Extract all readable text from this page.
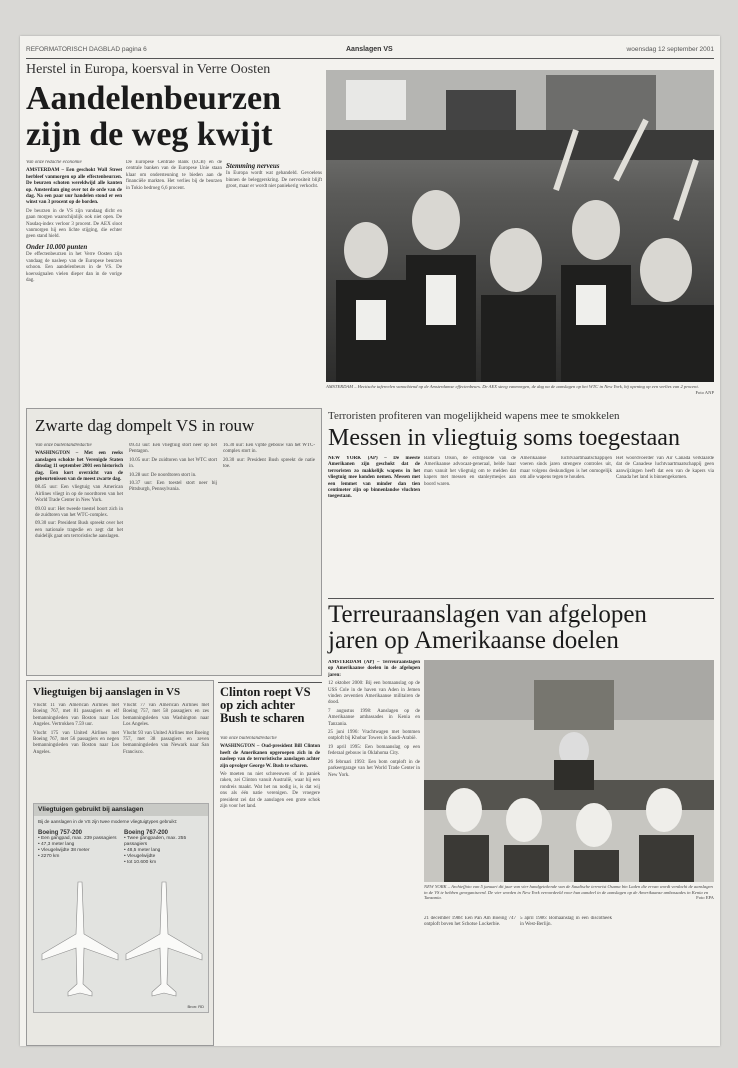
REFORMATORISCH DAGBLAD pagina 6	Aanslagen VS	woensdag 12 september 2001
Herstel in Europa, koersval in Verre Oosten
Aandelenbeurzen
zijn de weg kwijt

Van onze redactie economie

AMSTERDAM – Een geschokt Wall Street herbleef vanmorgen op alle effectenbeurzen. De beurzen schoten wereldwijd alle kanten op. Amsterdam ging over tot de orde van de dag. Na een paar uur handelen stond er een winst van 3 procent op de borden.

De beurzen in de VS zijn vandaag dicht en gaan morgen waarschijnlijk ook niet open. De Nasdaq-index verloor 3 procent. De AEX sloot vanmorgen hij een lichte stijging, die echter geen stand hield.

Onder 10.000 punten

De effectenbeurzen in het Verre Oosten zijn vandaag de nasleep van de Europese beurzen schoon. Een aandelenbeurs in de VS. De koerssignalen vielen dieper dan in de vorige dag.

De Europese Centrale Bank (ECB) en de centrale banken van de Europese Unie staan klaar om ondersteuning te bieden aan de financiële markten. Het verlies bij de beurzen in Tokio bedroeg 6,6 procent.

Stemming nerveus

In Europa wordt wat gehandeld. Gevoelens binnen de beleggerskring. De nervositeit blijft groot, maar er wordt niet paniekerig verkocht.

AMSTERDAM – Hectische tafereelen vanochtend op de Amsterdamse effectenbeurs. De AEX steeg vanmorgen, de dag na de aanslagen op het WTC in New York, bij opening op een verlies van 2 procent.
Foto ANP
Zwarte dag dompelt VS in rouw

Van onze buitenlandredactie

WASHINGTON – Met een reeks aanslagen schokte het Verenigde Staten dinsdag 11 september 2001 een historisch dag. Een kort overzicht van de gebeurtenissen van de meest zwarte dag.

08.45 uur: Een vliegtuig van American Airlines vliegt in op de noordtoren van het World Trade Center in New York.

09.03 uur: Het tweede toestel boort zich in de zuidtoren van het WTC-complex.

09.30 uur: President Bush spreekt over het een nationale tragedie en zegt dat het duidelijk gaat om terroristische aanslagen.

09.43 uur: Een vliegtuig stort neer op het Pentagon.

10.05 uur: De zuidtoren van het WTC stort in.

10.28 uur: De noordtoren stort in.

10.37 uur: Een toestel stort neer bij Pittsburgh, Pennsylvania.

16.30 uur: Een vijfde gebouw van het WTC-complex stort in.

20.30 uur: President Bush spreekt de natie toe.

Terroristen profiteren van mogelijkheid wapens mee te smokkelen
Messen in vliegtuig soms toegestaan

NEW YORK (AP) – De meeste Amerikanen zijn geschokt dat de terroristen zo makkelijk wapens in het vliegtuig mee konden nemen. Messen met een lemmet van minder dan tien centimeter zijn op binnenlandse vluchten toegestaan.

Barbara Olson, de echtgenote van de Amerikaanse advocaat-generaal, belde haar man vanuit het vliegtuig om te melden dat kapers met messen en stanleymesjes aan boord waren.

Amerikaanse luchtvaartmaatschappijen voeren sinds jaren strengere controles uit, maar volgens deskundigen is het onmogelijk om alle wapens tegen te houden.

Het woordvoerder van Air Canada verklaarde dat de Canadese luchtvaartmaatschappij geen aanwijzingen heeft dat een van de kapers via Canada het land is binnengekomen.

Terreuraanslagen van afgelopen
jaren op Amerikaanse doelen

AMSTERDAM (AP) – Terreuraanslagen op Amerikaanse doelen in de afgelopen jaren:

12 oktober 2000: Bij een bomaanslag op de USS Cole in de haven van Aden in Jemen vinden zeventien Amerikaanse militairen de dood.

7 augustus 1998: Aanslagen op de Amerikaanse ambassades in Kenia en Tanzania.

25 juni 1996: Vrachtwagen met bommen ontploft bij Khobar Towers in Saudi-Arabië.

19 april 1995: Een bomaanslag op een federaal gebouw in Oklahoma City.

26 februari 1993: Een bom ontploft in de parkeergarage van het World Trade Center in New York.

21 december 1988: Een Pan Am Boeing 747 ontploft boven het Schotse Lockerbie.

5 april 1986: Bomaanslag in een discotheek in West-Berlijn.

NEW YORK – Archieffoto van 5 januari dit jaar van vier handgetekende van de Saudische terrorist Osama bin Laden die ervan wordt verdacht de aanslagen in de VS te hebben georganiseerd. De vier worden in New York veroordeeld voor hun aandeel in de aanslagen op de Amerikaanse ambassades in Kenia en Tanzania.	Foto EPA
Vliegtuigen bij aanslagen in VS

Vlucht 11 van American Airlines met Boeing 767, met 81 passagiers en elf bemanningsleden van Boston naar Los Angeles. Vertrokken 7.59 uur.

Vlucht 175 van United Airlines met Boeing 767, met 56 passagiers en negen bemanningsleden van Boston naar Los Angeles.

Vlucht 77 van American Airlines met Boeing 757, met 58 passagiers en zes bemanningsleden van Washington naar Los Angeles.

Vlucht 93 van United Airlines met Boeing 757, met 38 passagiers en zeven bemanningsleden van Newark naar San Francisco.

Vliegtuigen gebruikt bij aanslagen
Bij de aanslagen in de VS zijn twee moderne vliegtuigtypes gebruikt:
Boeing 757-200
• Een gangpad, max. 239 passagiers
• 47,3 meter lang
• Vleugelwijdte 38 meter
• 2270 km
Boeing 767-200
• Twee gangpaden, max. 255 passagiers
• 48,5 meter lang
• Vleugelwijdte
• tot 10.600 km
Bron: RD
Clinton roept VS op zich achter Bush te scharen

Van onze buitenlandredactie

WASHINGTON – Oud-president Bill Clinton heeft de Amerikanen opgeroepen zich in de nasleep van de terroristische aanslagen achter zijn opvolger George W. Bush te scharen.

We moeten nu niet schreeuwen of in paniek raken, zei Clinton vanuit Australië, waar hij een rondreis maakt. Wat het nu nodig is, is dat wij ons als één natie verenigen. De vroegere president zei dat de aanslagen een grote schok zijn voor het land.
